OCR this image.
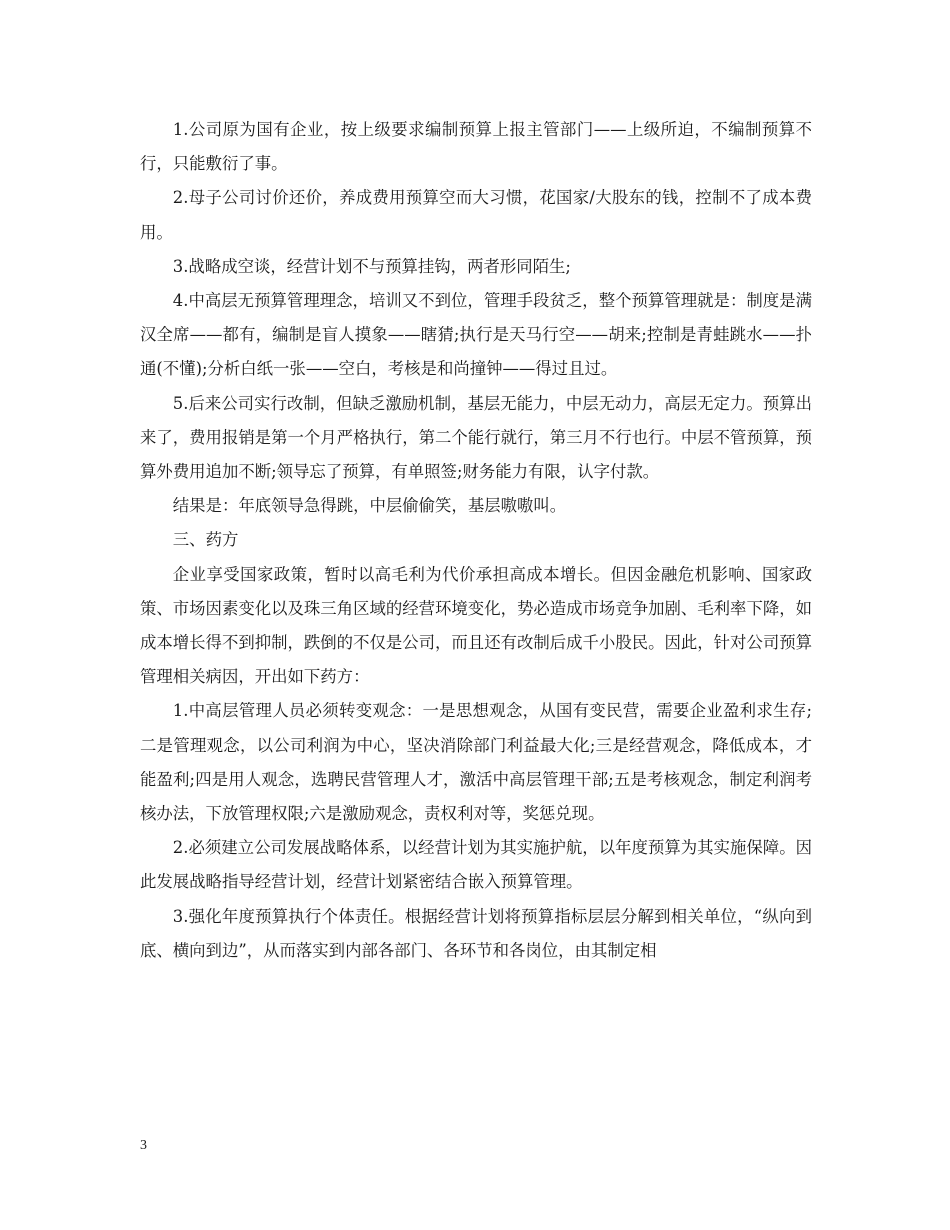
1.公司原为国有企业，按上级要求编制预算上报主管部门——上级所迫，不编制预算不行，只能敷衍了事。

2.母子公司讨价还价，养成费用预算空而大习惯，花国家/大股东的钱，控制不了成本费用。

3.战略成空谈，经营计划不与预算挂钩，两者形同陌生;

4.中高层无预算管理理念，培训又不到位，管理手段贫乏，整个预算管理就是：制度是满汉全席——都有，编制是盲人摸象——瞎猜;执行是天马行空——胡来;控制是青蛙跳水——扑通(不懂);分析白纸一张——空白，考核是和尚撞钟——得过且过。

5.后来公司实行改制，但缺乏激励机制，基层无能力，中层无动力，高层无定力。预算出来了，费用报销是第一个月严格执行，第二个能行就行，第三月不行也行。中层不管预算，预算外费用追加不断;领导忘了预算，有单照签;财务能力有限，认字付款。

结果是：年底领导急得跳，中层偷偷笑，基层嗷嗷叫。

三、药方

企业享受国家政策，暂时以高毛利为代价承担高成本增长。但因金融危机影响、国家政策、市场因素变化以及珠三角区域的经营环境变化，势必造成市场竞争加剧、毛利率下降，如成本增长得不到抑制，跌倒的不仅是公司，而且还有改制后成千小股民。因此，针对公司预算管理相关病因，开出如下药方：

1.中高层管理人员必须转变观念：一是思想观念，从国有变民营，需要企业盈利求生存;二是管理观念，以公司利润为中心，坚决消除部门利益最大化;三是经营观念，降低成本，才能盈利;四是用人观念，选聘民营管理人才，激活中高层管理干部;五是考核观念，制定利润考核办法，下放管理权限;六是激励观念，责权利对等，奖惩兑现。

2.必须建立公司发展战略体系，以经营计划为其实施护航，以年度预算为其实施保障。因此发展战略指导经营计划，经营计划紧密结合嵌入预算管理。

3.强化年度预算执行个体责任。根据经营计划将预算指标层层分解到相关单位，“纵向到底、横向到边”，从而落实到内部各部门、各环节和各岗位，由其制定相

3
